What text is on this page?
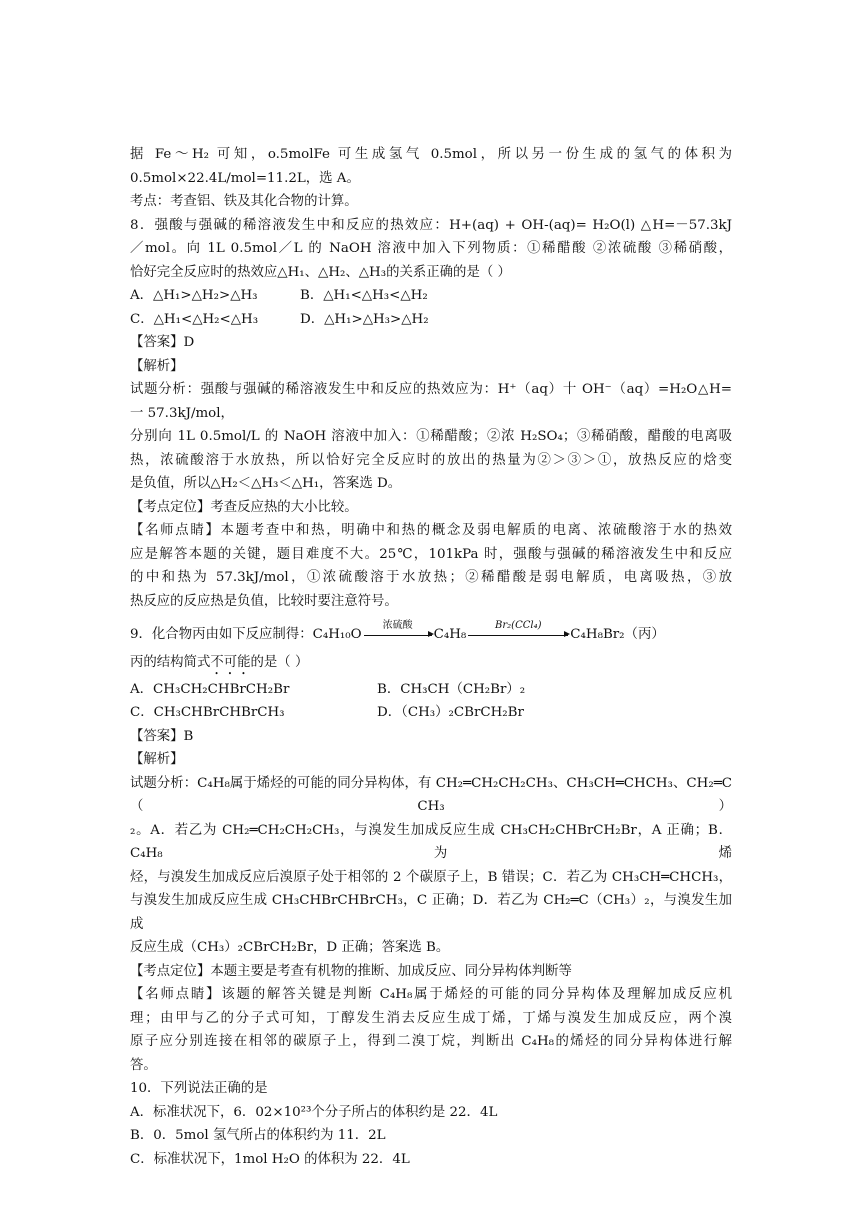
据 Fe～H₂ 可知，o.5molFe 可生成氢气 0.5mol，所以另一份生成的氢气的体积为
0.5mol×22.4L/mol=11.2L，选 A。
考点：考查铝、铁及其化合物的计算。
8．强酸与强碱的稀溶液发生中和反应的热效应：H+(aq) + OH-(aq)= H₂O(l) △H=－57.3kJ
／mol。向 1L 0.5mol／L 的 NaOH 溶液中加入下列物质：①稀醋酸 ②浓硫酸 ③稀硝酸，
恰好完全反应时的热效应△H₁、△H₂、△H₃的关系正确的是（ ）
A．△H₁>△H₂>△H₃	B．△H₁<△H₃<△H₂
C．△H₁<△H₂<△H₃	D．△H₁>△H₃>△H₂
【答案】D
【解析】
试题分析：强酸与强碱的稀溶液发生中和反应的热效应为：H⁺（aq）十 OH⁻（aq）=H₂O△H=
一 57.3kJ/mol，
分别向 1L 0.5mol/L 的 NaOH 溶液中加入：①稀醋酸；②浓 H₂SO₄；③稀硝酸，醋酸的电离吸
热，浓硫酸溶于水放热，所以恰好完全反应时的放出的热量为②＞③＞①，放热反应的焓变
是负值，所以△H₂＜△H₃＜△H₁，答案选 D。
【考点定位】考查反应热的大小比较。
【名师点睛】本题考查中和热，明确中和热的概念及弱电解质的电离、浓硫酸溶于水的热效
应是解答本题的关键，题目难度不大。25℃，101kPa 时，强酸与强碱的稀溶液发生中和反应
的中和热为 57.3kJ/mol，①浓硫酸溶于水放热；②稀醋酸是弱电解质，电离吸热，③放
热反应的反应热是负值，比较时要注意符号。
9．化合物丙由如下反应制得：C₄H₁₀O
浓硫酸
C₄H₈
Br₂(CCl₄)
C₄H₈Br₂（丙）
丙的结构简式不可能的是（ ）
A．CH₃CH₂CHBrCH₂Br	B．CH₃CH（CH₂Br）₂
C．CH₃CHBrCHBrCH₃	D．（CH₃）₂CBrCH₂Br
【答案】B
【解析】
试题分析：C₄H₈属于烯烃的可能的同分异构体，有 CH₂═CH₂CH₂CH₃、CH₃CH═CHCH₃、CH₂═C（CH₃）
₂。A．若乙为 CH₂═CH₂CH₂CH₃，与溴发生加成反应生成 CH₃CH₂CHBrCH₂Br，A 正确；B．C₄H₈为烯
烃，与溴发生加成反应后溴原子处于相邻的 2 个碳原子上，B 错误；C．若乙为 CH₃CH═CHCH₃，
与溴发生加成反应生成 CH₃CHBrCHBrCH₃，C 正确；D．若乙为 CH₂═C（CH₃）₂，与溴发生加成
反应生成（CH₃）₂CBrCH₂Br，D 正确；答案选 B。
【考点定位】本题主要是考查有机物的推断、加成反应、同分异构体判断等
【名师点睛】该题的解答关键是判断 C₄H₈属于烯烃的可能的同分异构体及理解加成反应机
理；由甲与乙的分子式可知，丁醇发生消去反应生成丁烯，丁烯与溴发生加成反应，两个溴
原子应分别连接在相邻的碳原子上，得到二溴丁烷，判断出 C₄H₈的烯烃的同分异构体进行解
答。
10．下列说法正确的是
A．标准状况下，6．02×10²³个分子所占的体积约是 22．4L
B．0．5mol 氢气所占的体积约为 11．2L
C．标准状况下，1mol H₂O 的体积为 22．4L
